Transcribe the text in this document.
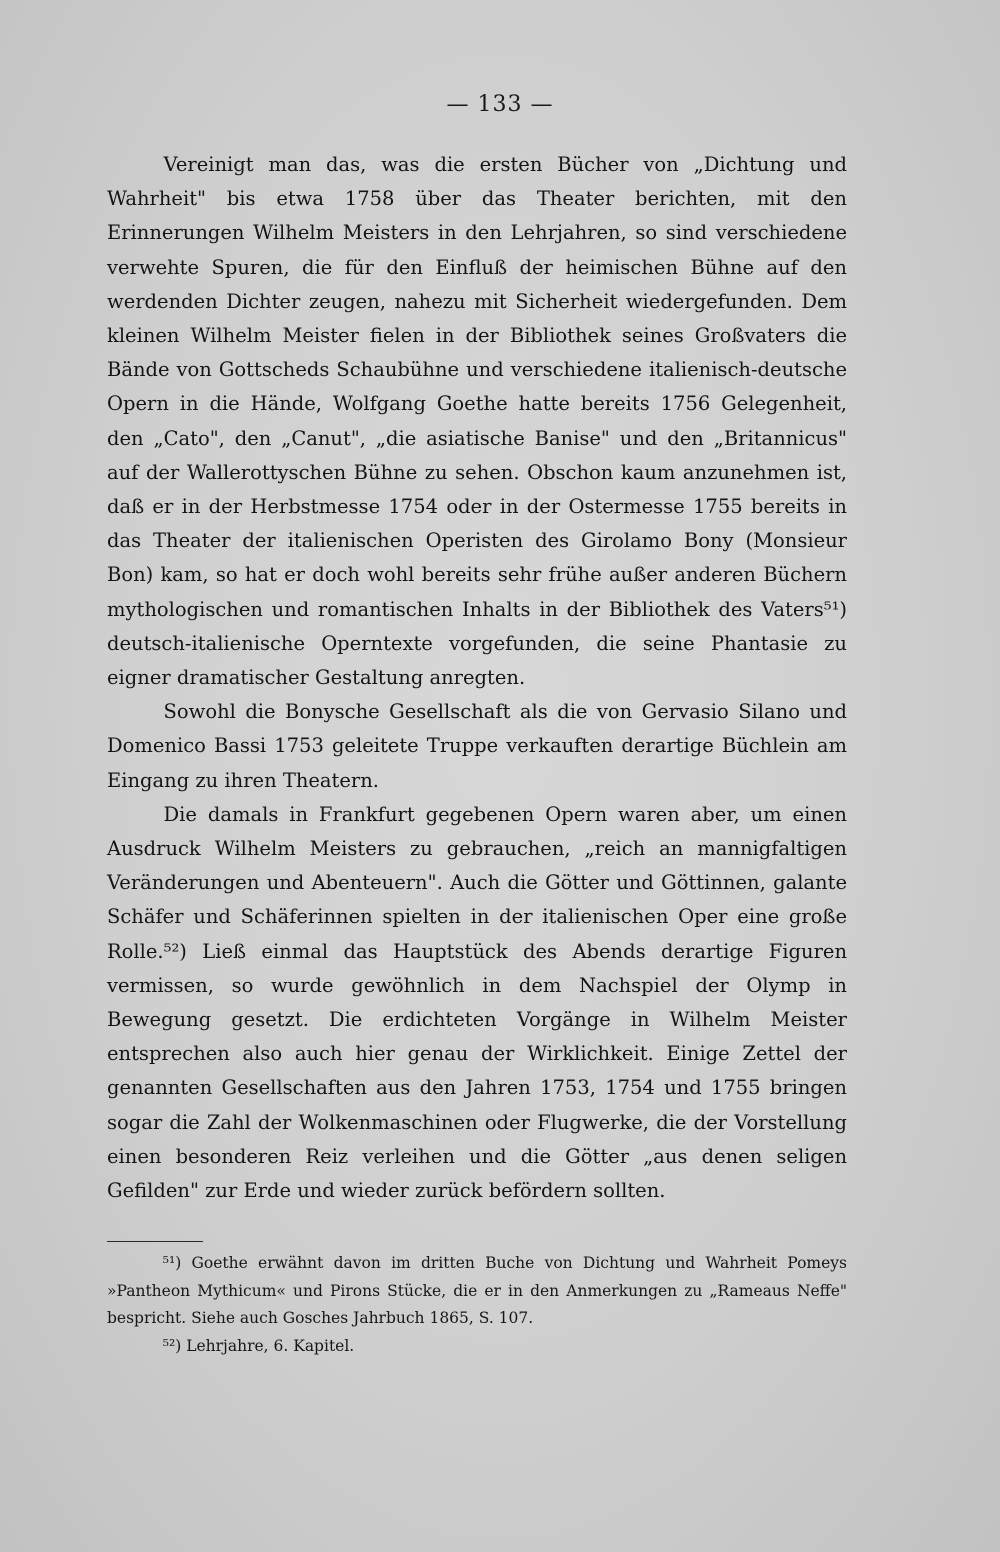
— 133 —

Vereinigt man das, was die ersten Bücher von „Dichtung und Wahrheit" bis etwa 1758 über das Theater berichten, mit den Erinnerungen Wilhelm Meisters in den Lehrjahren, so sind verschiedene verwehte Spuren, die für den Einfluß der heimischen Bühne auf den werdenden Dichter zeugen, nahezu mit Sicherheit wiedergefunden. Dem kleinen Wilhelm Meister fielen in der Bibliothek seines Großvaters die Bände von Gottscheds Schaubühne und verschiedene italienisch-deutsche Opern in die Hände, Wolfgang Goethe hatte bereits 1756 Gelegenheit, den „Cato", den „Canut", „die asiatische Banise" und den „Britannicus" auf der Wallerottyschen Bühne zu sehen. Obschon kaum anzunehmen ist, daß er in der Herbstmesse 1754 oder in der Ostermesse 1755 bereits in das Theater der italienischen Operisten des Girolamo Bony (Monsieur Bon) kam, so hat er doch wohl bereits sehr frühe außer anderen Büchern mythologischen und romantischen Inhalts in der Bibliothek des Vaters⁵¹) deutsch-italienische Operntexte vorgefunden, die seine Phantasie zu eigner dramatischer Gestaltung anregten.

Sowohl die Bonysche Gesellschaft als die von Gervasio Silano und Domenico Bassi 1753 geleitete Truppe verkauften derartige Büchlein am Eingang zu ihren Theatern.

Die damals in Frankfurt gegebenen Opern waren aber, um einen Ausdruck Wilhelm Meisters zu gebrauchen, „reich an mannigfaltigen Veränderungen und Abenteuern". Auch die Götter und Göttinnen, galante Schäfer und Schäferinnen spielten in der italienischen Oper eine große Rolle.⁵²) Ließ einmal das Hauptstück des Abends derartige Figuren vermissen, so wurde gewöhnlich in dem Nachspiel der Olymp in Bewegung gesetzt. Die erdichteten Vorgänge in Wilhelm Meister entsprechen also auch hier genau der Wirklichkeit. Einige Zettel der genannten Gesellschaften aus den Jahren 1753, 1754 und 1755 bringen sogar die Zahl der Wolkenmaschinen oder Flugwerke, die der Vorstellung einen besonderen Reiz verleihen und die Götter „aus denen seligen Gefilden" zur Erde und wieder zurück befördern sollten.

⁵¹) Goethe erwähnt davon im dritten Buche von Dichtung und Wahrheit Pomeys »Pantheon Mythicum« und Pirons Stücke, die er in den Anmerkungen zu „Rameaus Neffe" bespricht. Siehe auch Gosches Jahrbuch 1865, S. 107.

⁵²) Lehrjahre, 6. Kapitel.
